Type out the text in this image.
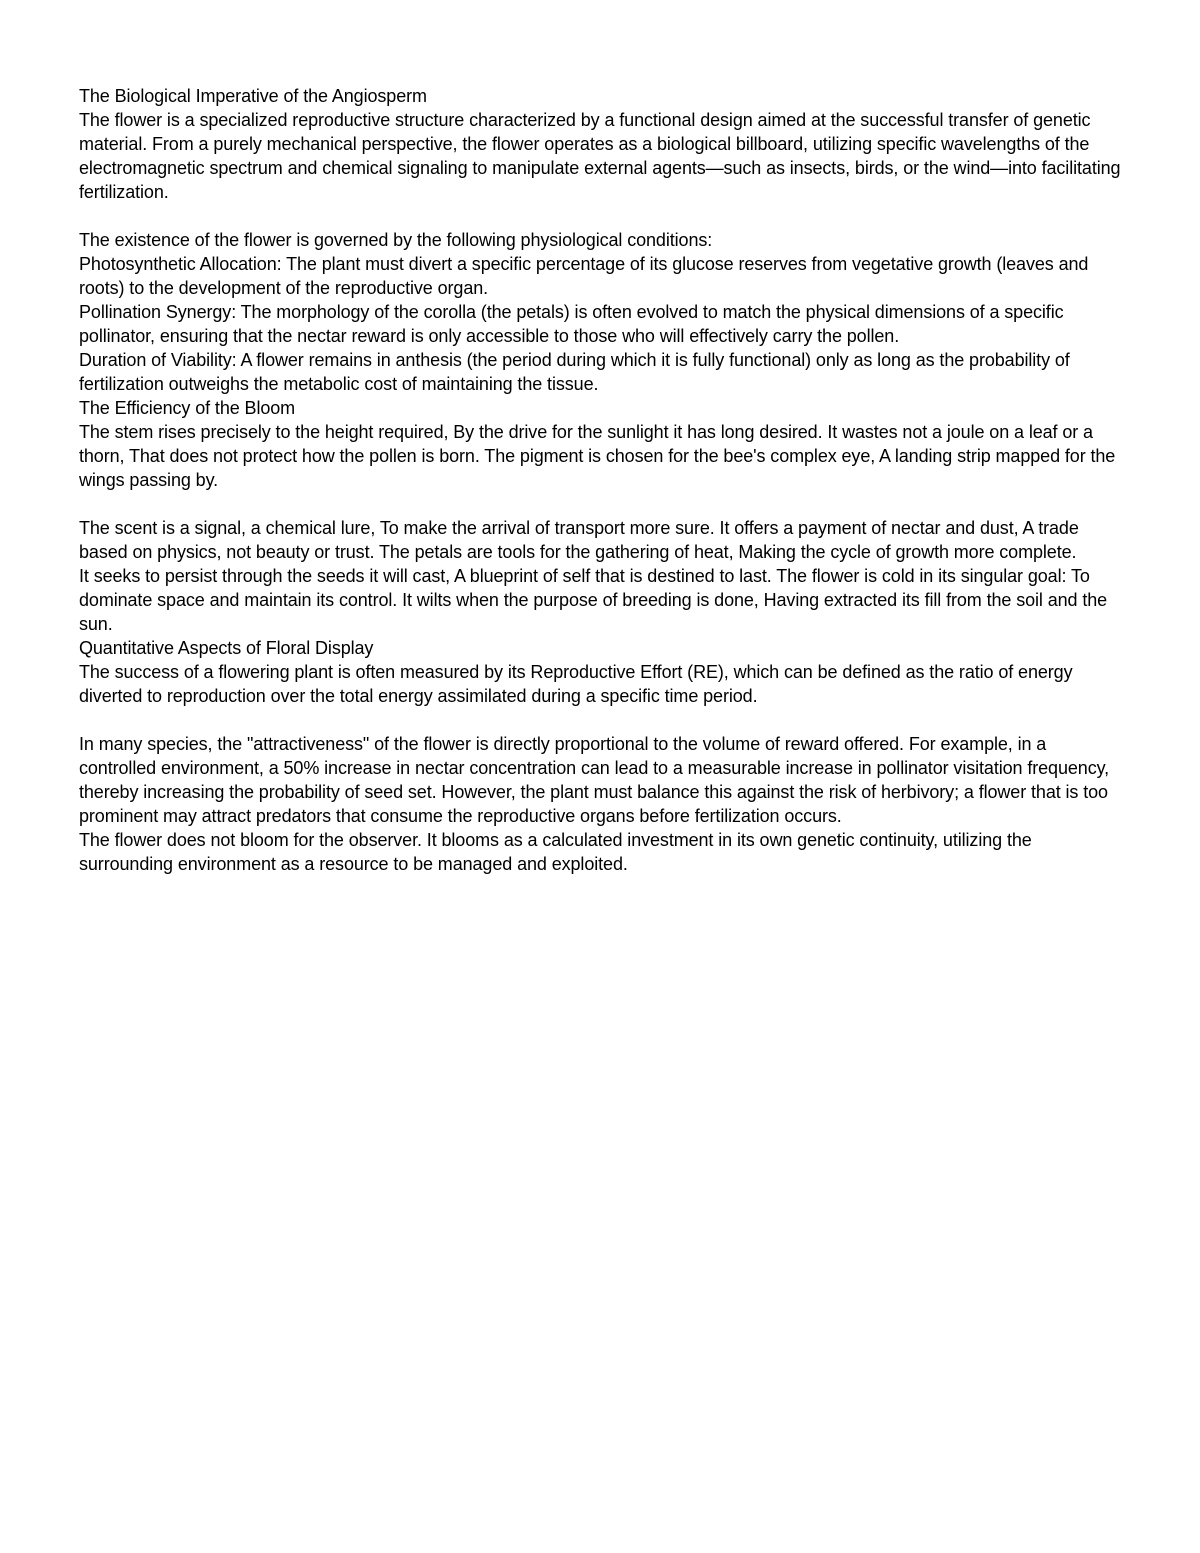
The Biological Imperative of the Angiosperm
The flower is a specialized reproductive structure characterized by a functional design aimed at the successful transfer of genetic material. From a purely mechanical perspective, the flower operates as a biological billboard, utilizing specific wavelengths of the electromagnetic spectrum and chemical signaling to manipulate external agents—such as insects, birds, or the wind—into facilitating fertilization.
The existence of the flower is governed by the following physiological conditions:
Photosynthetic Allocation: The plant must divert a specific percentage of its glucose reserves from vegetative growth (leaves and roots) to the development of the reproductive organ.
Pollination Synergy: The morphology of the corolla (the petals) is often evolved to match the physical dimensions of a specific pollinator, ensuring that the nectar reward is only accessible to those who will effectively carry the pollen.
Duration of Viability: A flower remains in anthesis (the period during which it is fully functional) only as long as the probability of fertilization outweighs the metabolic cost of maintaining the tissue.
The Efficiency of the Bloom
The stem rises precisely to the height required, By the drive for the sunlight it has long desired. It wastes not a joule on a leaf or a thorn, That does not protect how the pollen is born. The pigment is chosen for the bee's complex eye, A landing strip mapped for the wings passing by.
The scent is a signal, a chemical lure, To make the arrival of transport more sure. It offers a payment of nectar and dust, A trade based on physics, not beauty or trust. The petals are tools for the gathering of heat, Making the cycle of growth more complete.
It seeks to persist through the seeds it will cast, A blueprint of self that is destined to last. The flower is cold in its singular goal: To dominate space and maintain its control. It wilts when the purpose of breeding is done, Having extracted its fill from the soil and the sun.
Quantitative Aspects of Floral Display
The success of a flowering plant is often measured by its Reproductive Effort (RE), which can be defined as the ratio of energy diverted to reproduction over the total energy assimilated during a specific time period.
In many species, the "attractiveness" of the flower is directly proportional to the volume of reward offered. For example, in a controlled environment, a 50% increase in nectar concentration can lead to a measurable increase in pollinator visitation frequency, thereby increasing the probability of seed set. However, the plant must balance this against the risk of herbivory; a flower that is too prominent may attract predators that consume the reproductive organs before fertilization occurs.
The flower does not bloom for the observer. It blooms as a calculated investment in its own genetic continuity, utilizing the surrounding environment as a resource to be managed and exploited.
